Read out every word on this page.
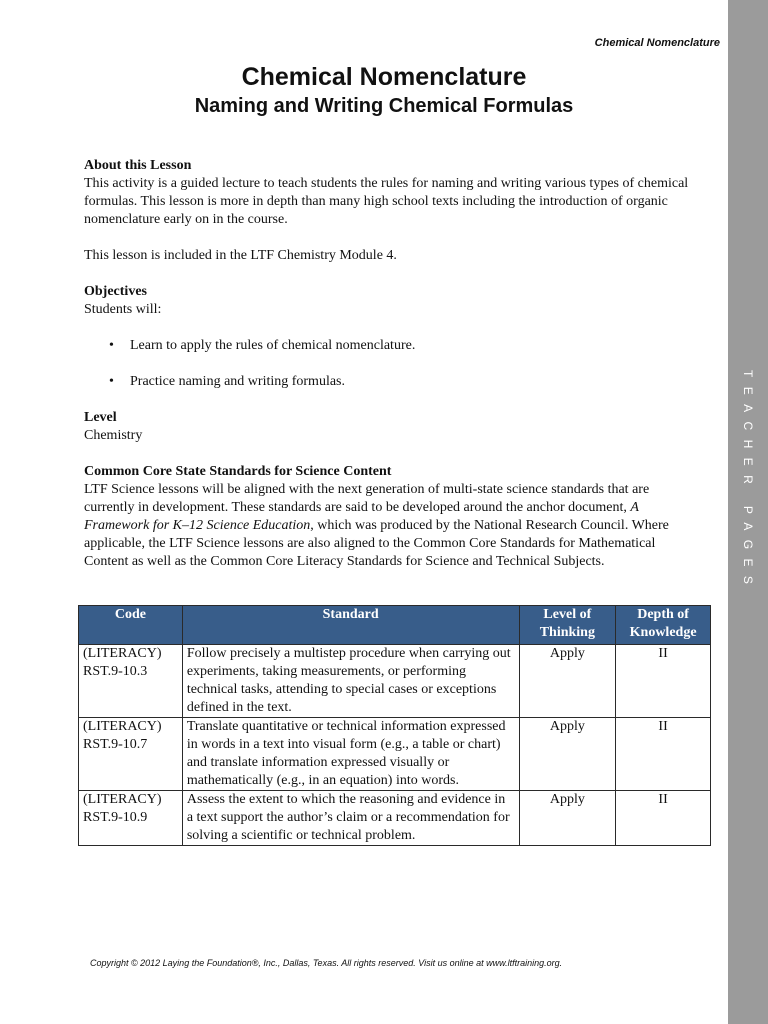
TEACHER PAGES
Chemical Nomenclature
Chemical Nomenclature
Naming and Writing Chemical Formulas

About this Lesson

This activity is a guided lecture to teach students the rules for naming and writing various types of chemical formulas. This lesson is more in depth than many high school texts including the introduction of organic nomenclature early on in the course.

This lesson is included in the LTF Chemistry Module 4.

Objectives

Students will:

• Learn to apply the rules of chemical nomenclature.
• Practice naming and writing formulas.

Level

Chemistry

Common Core State Standards for Science Content

LTF Science lessons will be aligned with the next generation of multi-state science standards that are currently in development. These standards are said to be developed around the anchor document, A Framework for K–12 Science Education, which was produced by the National Research Council. Where applicable, the LTF Science lessons are also aligned to the Common Core Standards for Mathematical Content as well as the Common Core Literacy Standards for Science and Technical Subjects.

Code	Standard	Level of Thinking	Depth of Knowledge
(LITERACY)
RST.9-10.3	Follow precisely a multistep procedure when carrying out experiments, taking measurements, or performing technical tasks, attending to special cases or exceptions defined in the text.	Apply	II
(LITERACY)
RST.9-10.7	Translate quantitative or technical information expressed in words in a text into visual form (e.g., a table or chart) and translate information expressed visually or mathematically (e.g., in an equation) into words.	Apply	II
(LITERACY)
RST.9-10.9	Assess the extent to which the reasoning and evidence in a text support the author’s claim or a recommendation for solving a scientific or technical problem.	Apply	II
Copyright © 2012 Laying the Foundation®, Inc., Dallas, Texas. All rights reserved. Visit us online at www.ltftraining.org.
